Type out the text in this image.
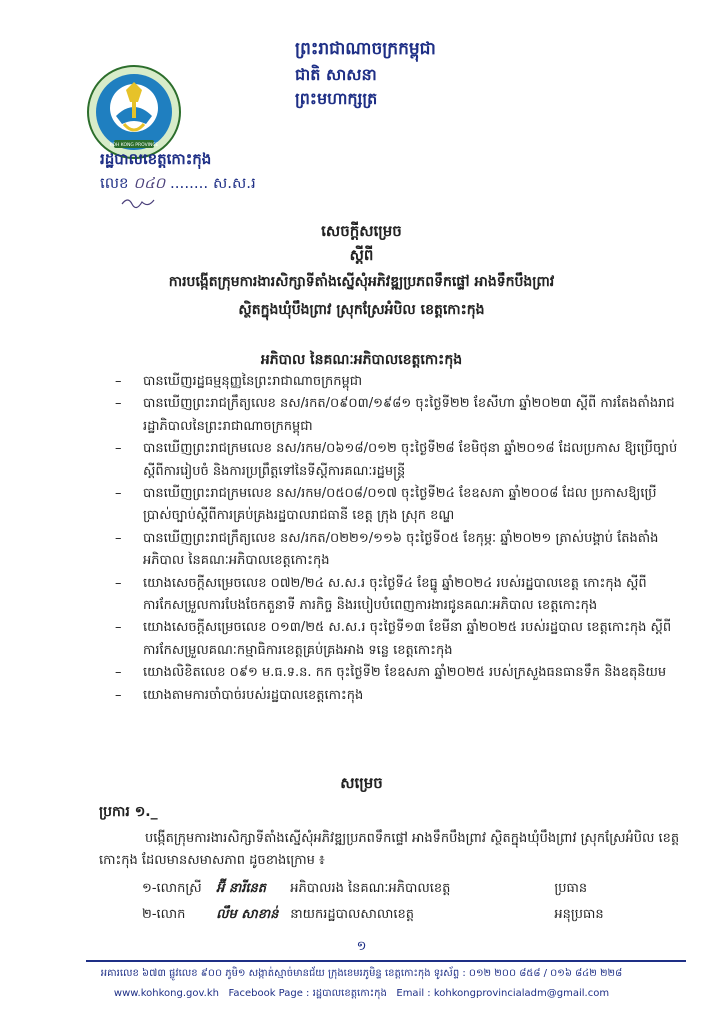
ព្រះរាជាណាចក្រកម្ពុជា
ជាតិ សាសនា ព្រះមហាក្សត្រ
KOH KONG PROVINCE
រដ្ឋបាលខេត្តកោះកុង
លេខ ០៤០ ........ ស.ស.រ
សេចក្តីសម្រេច
ស្តីពី
ការបង្កើតក្រុមការងារសិក្សាទីតាំងស្នើសុំអភិវឌ្ឍប្រភពទឹកផ្ទៅ អាងទឹកបឹងព្រាវ
ស្ថិតក្នុងឃុំបឹងព្រាវ ស្រុកស្រែអំបិល ខេត្តកោះកុង
អភិបាល នៃគណៈអភិបាលខេត្តកោះកុង
– បានឃើញរដ្ឋធម្មនុញ្ញនៃព្រះរាជាណាចក្រកម្ពុជា
– បានឃើញព្រះរាជក្រឹត្យលេខ នស/រកត/០៩០៣/១៩៨១ ចុះថ្ងៃទី២២ ខែសីហា ឆ្នាំ២០២៣ ស្តីពី ការតែងតាំងរាជរដ្ឋាភិបាលនៃព្រះរាជាណាចក្រកម្ពុជា
– បានឃើញព្រះរាជក្រមលេខ នស/រកម/០៦១៨/០១២ ចុះថ្ងៃទី២៨ ខែមិថុនា ឆ្នាំ២០១៨ ដែលប្រកាស ឱ្យប្រើច្បាប់ស្តីពីការរៀបចំ និងការប្រព្រឹត្តទៅនៃទីស្តីការគណៈរដ្ឋមន្ត្រី
– បានឃើញព្រះរាជក្រមលេខ នស/រកម/០៥០៨/០១៧ ចុះថ្ងៃទី២៤ ខែឧសភា ឆ្នាំ២០០៨ ដែល ប្រកាសឱ្យប្រើប្រាស់ច្បាប់ស្តីពីការគ្រប់គ្រងរដ្ឋបាលរាជធានី ខេត្ត ក្រុង ស្រុក ខណ្ឌ
– បានឃើញព្រះរាជក្រឹត្យលេខ នស/រកត/០២២១/១១៦ ចុះថ្ងៃទី០៥ ខែកុម្ភៈ ឆ្នាំ២០២១ ត្រាស់បង្គាប់ តែងតាំង អភិបាល នៃគណៈអភិបាលខេត្តកោះកុង
– យោងសេចក្តីសម្រេចលេខ ០៧២/២៤ ស.ស.រ ចុះថ្ងៃទី៤ ខែធ្នូ ឆ្នាំ២០២៤ របស់រដ្ឋបាលខេត្ត កោះកុង ស្តីពីការកែសម្រួលការបែងចែកតួនាទី ភារកិច្ច និងរបៀបបំពេញការងារជូនគណៈអភិបាល ខេត្តកោះកុង
– យោងសេចក្តីសម្រេចលេខ ០១៣/២៥ ស.ស.រ ចុះថ្ងៃទី១៣ ខែមីនា ឆ្នាំ២០២៥ របស់រដ្ឋបាល ខេត្តកោះកុង ស្តីពីការកែសម្រួលគណៈកម្មាធិការខេត្តគ្រប់គ្រងអាង ទន្លេ ខេត្តកោះកុង
– យោងលិខិតលេខ ០៩១ ម.ធ.ទ.ន. កក ចុះថ្ងៃទី២ ខែឧសភា ឆ្នាំ២០២៥ របស់ក្រសួងធនធានទឹក និងឧតុនិយម
– យោងតាមការចាំបាច់របស់រដ្ឋបាលខេត្តកោះកុង
សម្រេច
ប្រការ ១._
បង្កើតក្រុមការងារសិក្សាទីតាំងស្នើសុំអភិវឌ្ឍប្រភពទឹកផ្ទៅ អាងទឹកបឹងព្រាវ ស្ថិតក្នុងឃុំបឹងព្រាវ ស្រុកស្រែអំបិល ខេត្តកោះកុង ដែលមានសមាសភាព ដូចខាងក្រោម ៖
១-លោកស្រី អ៊ី នារីនេត អភិបាលរង នៃគណៈអភិបាលខេត្ត	ប្រធាន
២-លោក លឹម សាខាន់ នាយករដ្ឋបាលសាលាខេត្ត	អនុប្រធាន
១
អគារលេខ ៦៧៣ ផ្លូវលេខ ៩០០ ភូមិ១ សង្កាត់ស្មាច់មានជ័យ ក្រុងខេមរភូមិន្ទ ខេត្តកោះកុង ទូរស័ព្ទ : ០១២ ២០០ ៨៥៨ / ០១៦ ៨៤២ ២២៨
www.kohkong.gov.kh Facebook Page : រដ្ឋបាលខេត្តកោះកុង Email : kohkongprovincialadm@gmail.com
